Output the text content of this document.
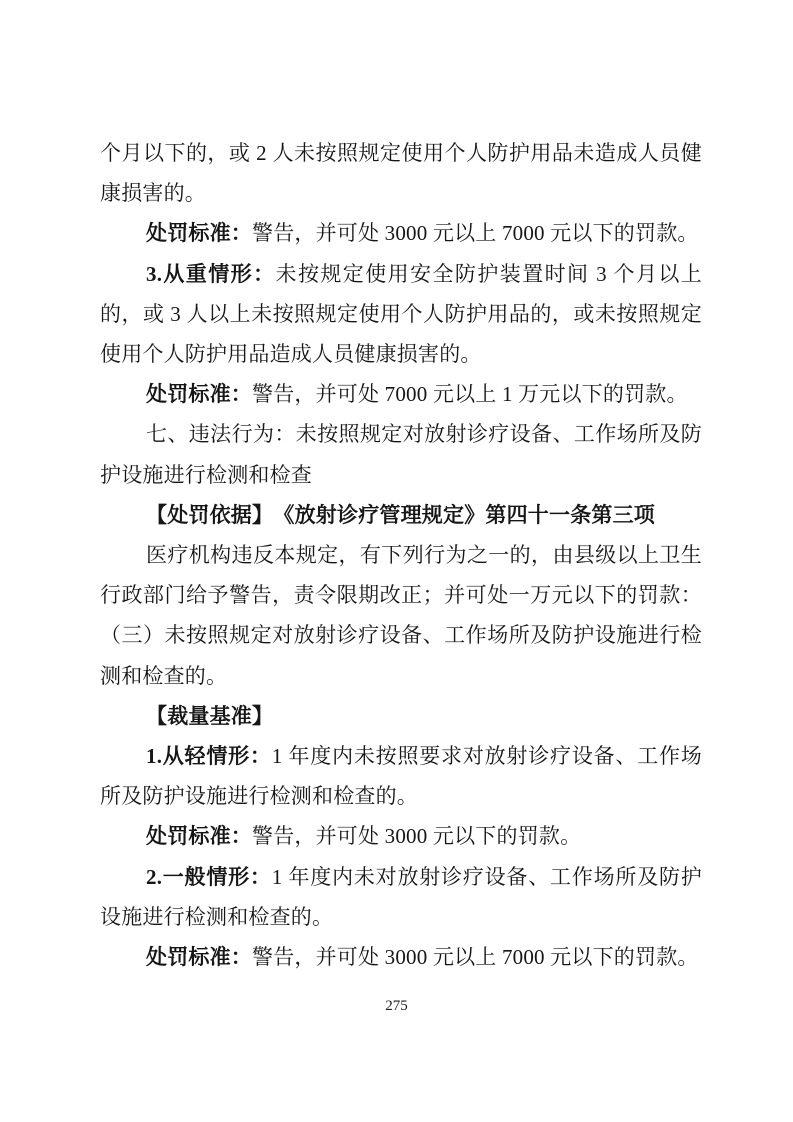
个月以下的，或 2 人未按照规定使用个人防护用品未造成人员健康损害的。

处罚标准：警告，并可处 3000 元以上 7000 元以下的罚款。

3.从重情形：未按规定使用安全防护装置时间 3 个月以上的，或 3 人以上未按照规定使用个人防护用品的，或未按照规定使用个人防护用品造成人员健康损害的。

处罚标准：警告，并可处 7000 元以上 1 万元以下的罚款。

七、违法行为：未按照规定对放射诊疗设备、工作场所及防护设施进行检测和检查

【处罚依据】　《放射诊疗管理规定》第四十一条第三项

医疗机构违反本规定，有下列行为之一的，由县级以上卫生行政部门给予警告，责令限期改正；并可处一万元以下的罚款：（三）未按照规定对放射诊疗设备、工作场所及防护设施进行检测和检查的。

【裁量基准】

1.从轻情形：1 年度内未按照要求对放射诊疗设备、工作场所及防护设施进行检测和检查的。

处罚标准：警告，并可处 3000 元以下的罚款。

2.一般情形：1 年度内未对放射诊疗设备、工作场所及防护设施进行检测和检查的。

处罚标准：警告，并可处 3000 元以上 7000 元以下的罚款。

275
